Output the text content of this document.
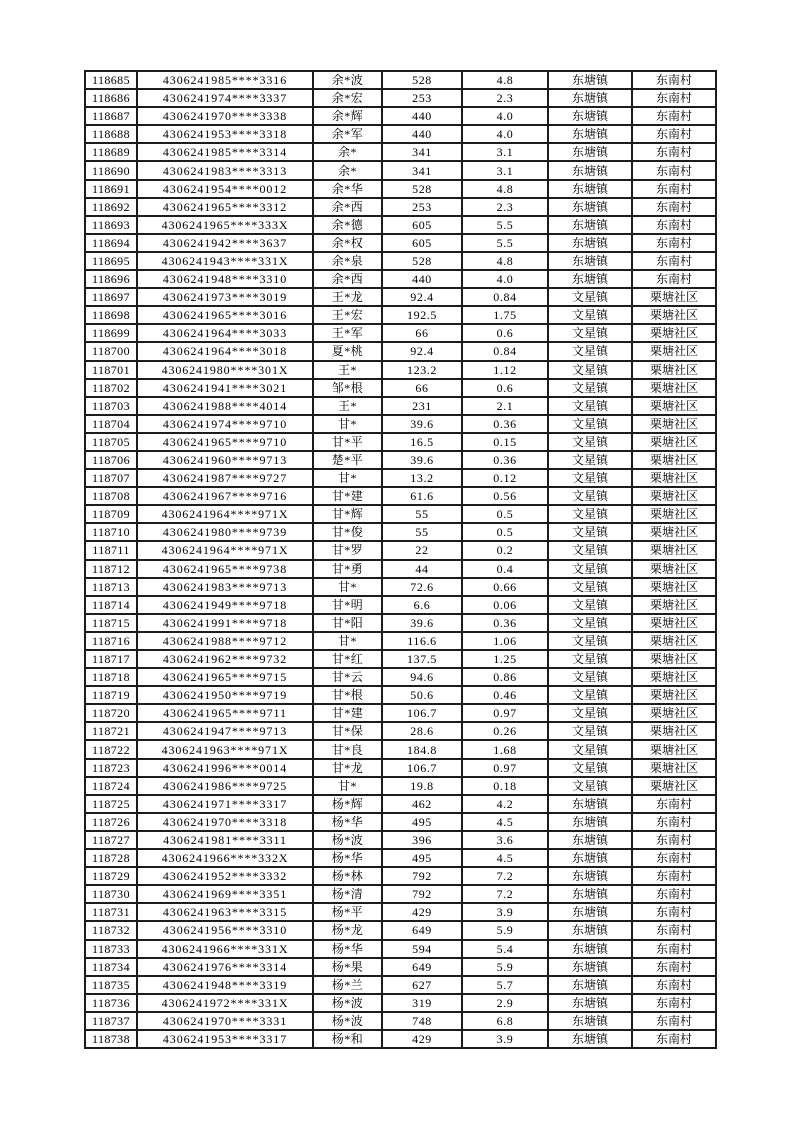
118685	4306241985****3316	余*波	528	4.8	东塘镇	东南村
118686	4306241974****3337	余*宏	253	2.3	东塘镇	东南村
118687	4306241970****3338	余*辉	440	4.0	东塘镇	东南村
118688	4306241953****3318	余*军	440	4.0	东塘镇	东南村
118689	4306241985****3314	余*	341	3.1	东塘镇	东南村
118690	4306241983****3313	余*	341	3.1	东塘镇	东南村
118691	4306241954****0012	余*华	528	4.8	东塘镇	东南村
118692	4306241965****3312	余*西	253	2.3	东塘镇	东南村
118693	4306241965****333X	余*德	605	5.5	东塘镇	东南村
118694	4306241942****3637	余*权	605	5.5	东塘镇	东南村
118695	4306241943****331X	余*泉	528	4.8	东塘镇	东南村
118696	4306241948****3310	余*西	440	4.0	东塘镇	东南村
118697	4306241973****3019	王*龙	92.4	0.84	文星镇	栗塘社区
118698	4306241965****3016	王*宏	192.5	1.75	文星镇	栗塘社区
118699	4306241964****3033	王*军	66	0.6	文星镇	栗塘社区
118700	4306241964****3018	夏*桃	92.4	0.84	文星镇	栗塘社区
118701	4306241980****301X	王*	123.2	1.12	文星镇	栗塘社区
118702	4306241941****3021	邹*根	66	0.6	文星镇	栗塘社区
118703	4306241988****4014	王*	231	2.1	文星镇	栗塘社区
118704	4306241974****9710	甘*	39.6	0.36	文星镇	栗塘社区
118705	4306241965****9710	甘*平	16.5	0.15	文星镇	栗塘社区
118706	4306241960****9713	楚*平	39.6	0.36	文星镇	栗塘社区
118707	4306241987****9727	甘*	13.2	0.12	文星镇	栗塘社区
118708	4306241967****9716	甘*建	61.6	0.56	文星镇	栗塘社区
118709	4306241964****971X	甘*辉	55	0.5	文星镇	栗塘社区
118710	4306241980****9739	甘*俊	55	0.5	文星镇	栗塘社区
118711	4306241964****971X	甘*罗	22	0.2	文星镇	栗塘社区
118712	4306241965****9738	甘*勇	44	0.4	文星镇	栗塘社区
118713	4306241983****9713	甘*	72.6	0.66	文星镇	栗塘社区
118714	4306241949****9718	甘*明	6.6	0.06	文星镇	栗塘社区
118715	4306241991****9718	甘*阳	39.6	0.36	文星镇	栗塘社区
118716	4306241988****9712	甘*	116.6	1.06	文星镇	栗塘社区
118717	4306241962****9732	甘*红	137.5	1.25	文星镇	栗塘社区
118718	4306241965****9715	甘*云	94.6	0.86	文星镇	栗塘社区
118719	4306241950****9719	甘*根	50.6	0.46	文星镇	栗塘社区
118720	4306241965****9711	甘*建	106.7	0.97	文星镇	栗塘社区
118721	4306241947****9713	甘*保	28.6	0.26	文星镇	栗塘社区
118722	4306241963****971X	甘*良	184.8	1.68	文星镇	栗塘社区
118723	4306241996****0014	甘*龙	106.7	0.97	文星镇	栗塘社区
118724	4306241986****9725	甘*	19.8	0.18	文星镇	栗塘社区
118725	4306241971****3317	杨*辉	462	4.2	东塘镇	东南村
118726	4306241970****3318	杨*华	495	4.5	东塘镇	东南村
118727	4306241981****3311	杨*波	396	3.6	东塘镇	东南村
118728	4306241966****332X	杨*华	495	4.5	东塘镇	东南村
118729	4306241952****3332	杨*林	792	7.2	东塘镇	东南村
118730	4306241969****3351	杨*清	792	7.2	东塘镇	东南村
118731	4306241963****3315	杨*平	429	3.9	东塘镇	东南村
118732	4306241956****3310	杨*龙	649	5.9	东塘镇	东南村
118733	4306241966****331X	杨*华	594	5.4	东塘镇	东南村
118734	4306241976****3314	杨*果	649	5.9	东塘镇	东南村
118735	4306241948****3319	杨*兰	627	5.7	东塘镇	东南村
118736	4306241972****331X	杨*波	319	2.9	东塘镇	东南村
118737	4306241970****3331	杨*波	748	6.8	东塘镇	东南村
118738	4306241953****3317	杨*和	429	3.9	东塘镇	东南村
